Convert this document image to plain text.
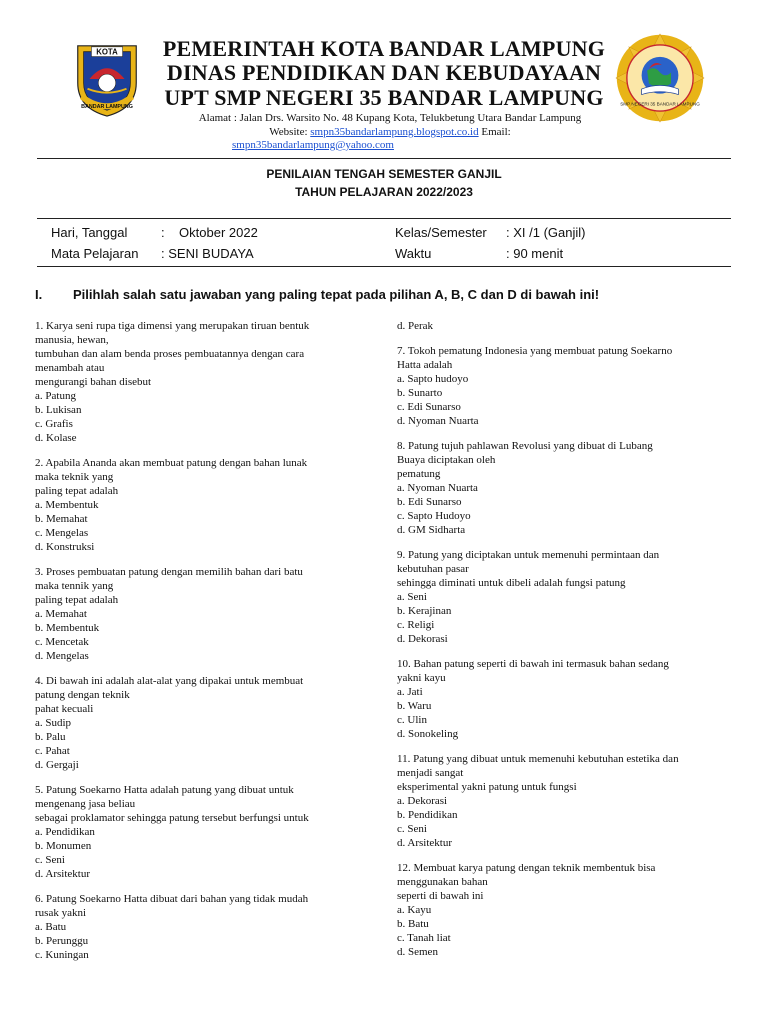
KOTA
BANDAR LAMPUNG
SMP NEGERI 35 BANDAR LAMPUNG
PEMERINTAH KOTA BANDAR LAMPUNG
DINAS PENDIDIKAN DAN KEBUDAYAAN
UPT SMP NEGERI 35 BANDAR LAMPUNG
Alamat : Jalan Drs. Warsito No. 48 Kupang Kota, Telukbetung Utara Bandar Lampung
Website: smpn35bandarlampung.blogspot.co.id Email:
smpn35bandarlampung@yahoo.com
PENILAIAN TENGAH SEMESTER GANJIL
TAHUN PELAJARAN 2022/2023
Hari, Tanggal	:    Oktober 2022	Kelas/Semester : XI /1 (Ganjil)
Mata Pelajaran : SENI BUDAYA	Waktu	: 90 menit
I. Pilihlah salah satu jawaban yang paling tepat pada pilihan A, B, C dan D di bawah ini!
1. Karya seni rupa tiga dimensi yang merupakan tiruan bentuk
manusia, hewan,
tumbuhan dan alam benda proses pembuatannya dengan cara
menambah atau
mengurangi bahan disebut
a. Patung
b. Lukisan
c. Grafis
d. Kolase
2. Apabila Ananda akan membuat patung dengan bahan lunak
maka teknik yang
paling tepat adalah
a. Membentuk
b. Memahat
c. Mengelas
d. Konstruksi
3. Proses pembuatan patung dengan memilih bahan dari batu
maka tennik yang
paling tepat adalah
a. Memahat
b. Membentuk
c. Mencetak
d. Mengelas
4. Di bawah ini adalah alat-alat yang dipakai untuk membuat
patung dengan teknik
pahat kecuali
a. Sudip
b. Palu
c. Pahat
d. Gergaji
5. Patung Soekarno Hatta adalah patung yang dibuat untuk
mengenang jasa beliau
sebagai proklamator sehingga patung tersebut berfungsi untuk
a. Pendidikan
b. Monumen
c. Seni
d. Arsitektur
6. Patung Soekarno Hatta dibuat dari bahan yang tidak mudah
rusak yakni
a. Batu
b. Perunggu
c. Kuningan
d. Perak
7. Tokoh pematung Indonesia yang membuat patung Soekarno
Hatta adalah
a. Sapto hudoyo
b. Sunarto
c. Edi Sunarso
d. Nyoman Nuarta
8. Patung tujuh pahlawan Revolusi yang dibuat di Lubang
Buaya diciptakan oleh
pematung
a. Nyoman Nuarta
b. Edi Sunarso
c. Sapto Hudoyo
d. GM Sidharta
9. Patung yang diciptakan untuk memenuhi permintaan dan
kebutuhan pasar
sehingga diminati untuk dibeli adalah fungsi patung
a. Seni
b. Kerajinan
c. Religi
d. Dekorasi
10. Bahan patung seperti di bawah ini termasuk bahan sedang
yakni kayu
a. Jati
b. Waru
c. Ulin
d. Sonokeling
11. Patung yang dibuat untuk memenuhi kebutuhan estetika dan
menjadi sangat
eksperimental yakni patung untuk fungsi
a. Dekorasi
b. Pendidikan
c. Seni
d. Arsitektur
12. Membuat karya patung dengan teknik membentuk bisa
menggunakan bahan
seperti di bawah ini
a. Kayu
b. Batu
c. Tanah liat
d. Semen
